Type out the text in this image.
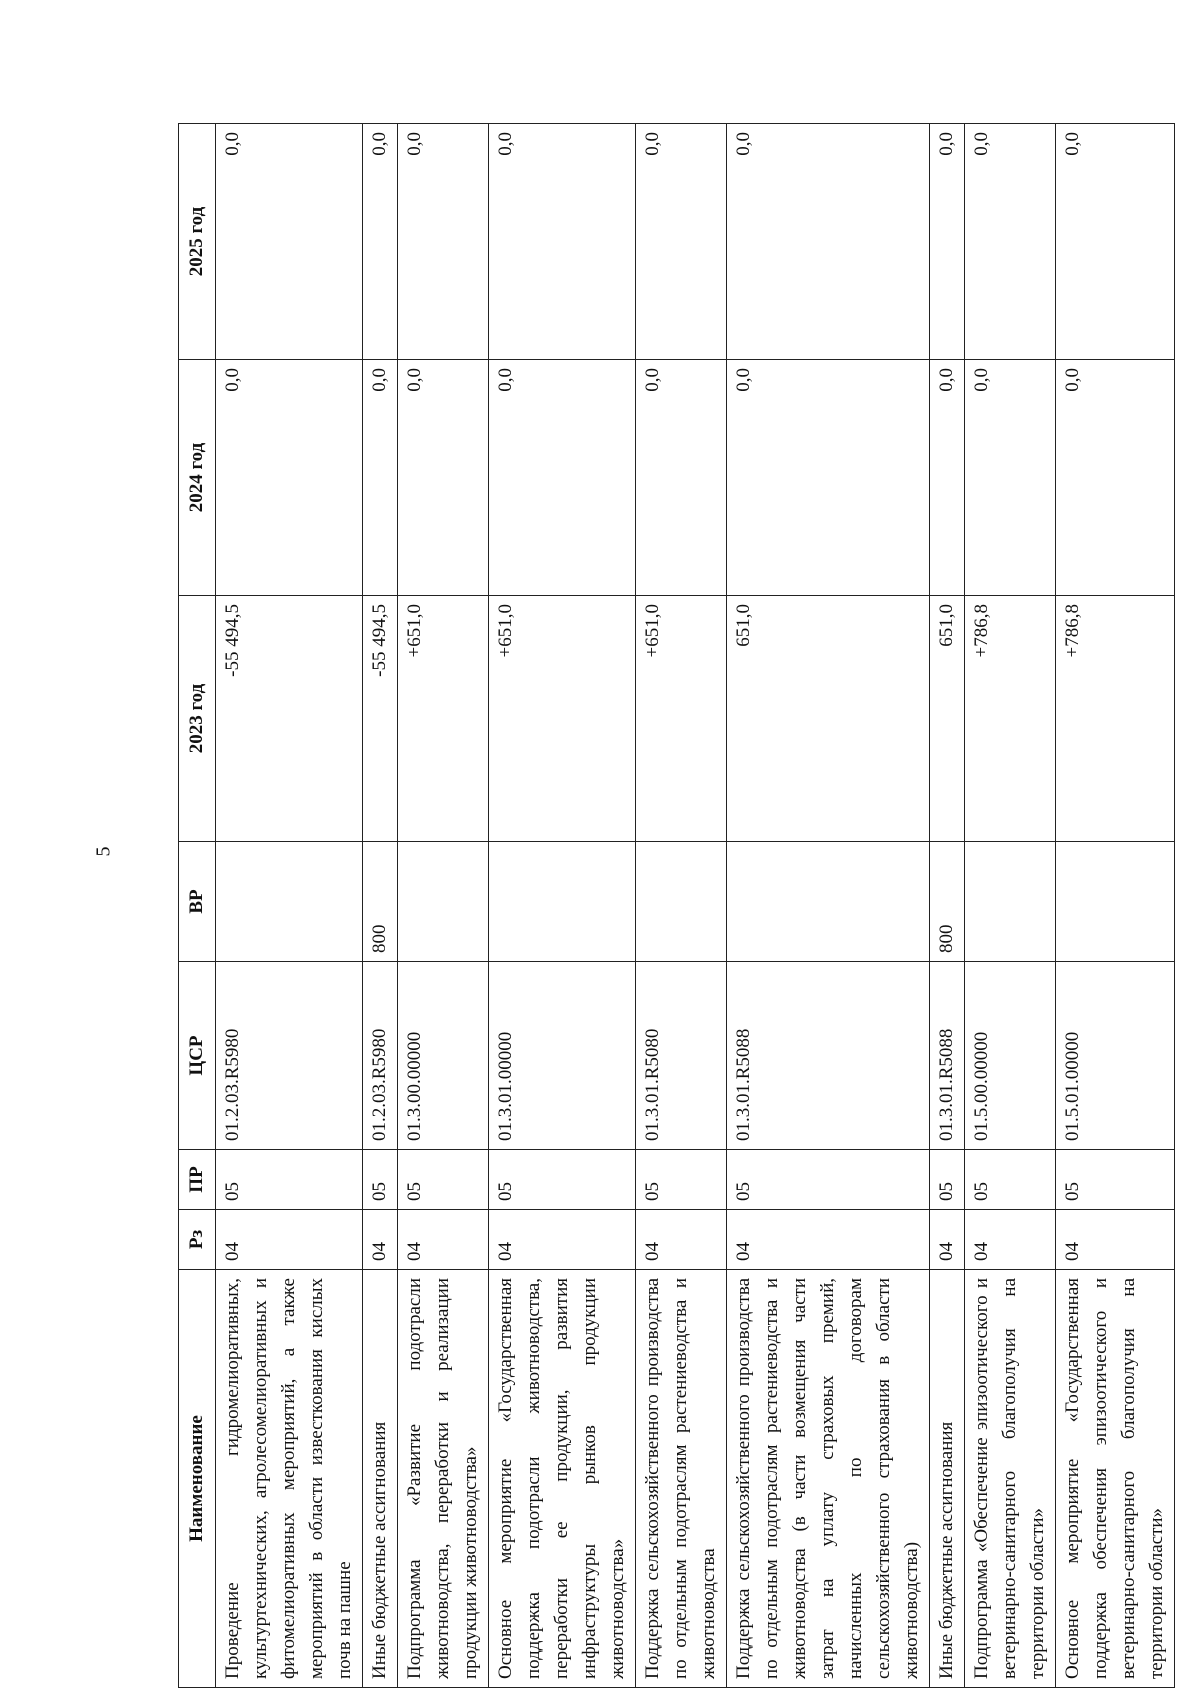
5
Наименование	Рз	ПР	ЦСР	ВР	2023 год	2024 год	2025 год
Проведение гидромелиоративных, культуртехнических, агролесомелиоративных и фитомелиоративных мероприятий, а также мероприятий в области известкования кислых почв на пашне	04	05	01.2.03.R5980		-55 494,5	0,0	0,0
Иные бюджетные ассигнования	04	05	01.2.03.R5980	800	-55 494,5	0,0	0,0
Подпрограмма «Развитие подотрасли животноводства, переработки и реализации продукции животноводства»	04	05	01.3.00.00000		+651,0	0,0	0,0
Основное мероприятие «Государственная поддержка подотрасли животноводства, переработки ее продукции, развития инфраструктуры рынков продукции животноводства»	04	05	01.3.01.00000		+651,0	0,0	0,0
Поддержка сельскохозяйственного производства по отдельным подотраслям растениеводства и животноводства	04	05	01.3.01.R5080		+651,0	0,0	0,0
Поддержка сельскохозяйственного производства по отдельным подотраслям растениеводства и животноводства (в части возмещения части затрат на уплату страховых премий, начисленных по договорам сельскохозяйственного страхования в области животноводства)	04	05	01.3.01.R5088		651,0	0,0	0,0
Иные бюджетные ассигнования	04	05	01.3.01.R5088	800	651,0	0,0	0,0
Подпрограмма «Обеспечение эпизоотического и ветеринарно-санитарного благополучия на территории области»	04	05	01.5.00.00000		+786,8	0,0	0,0
Основное мероприятие «Государственная поддержка обеспечения эпизоотического и ветеринарно-санитарного благополучия на территории области»	04	05	01.5.01.00000		+786,8	0,0	0,0
